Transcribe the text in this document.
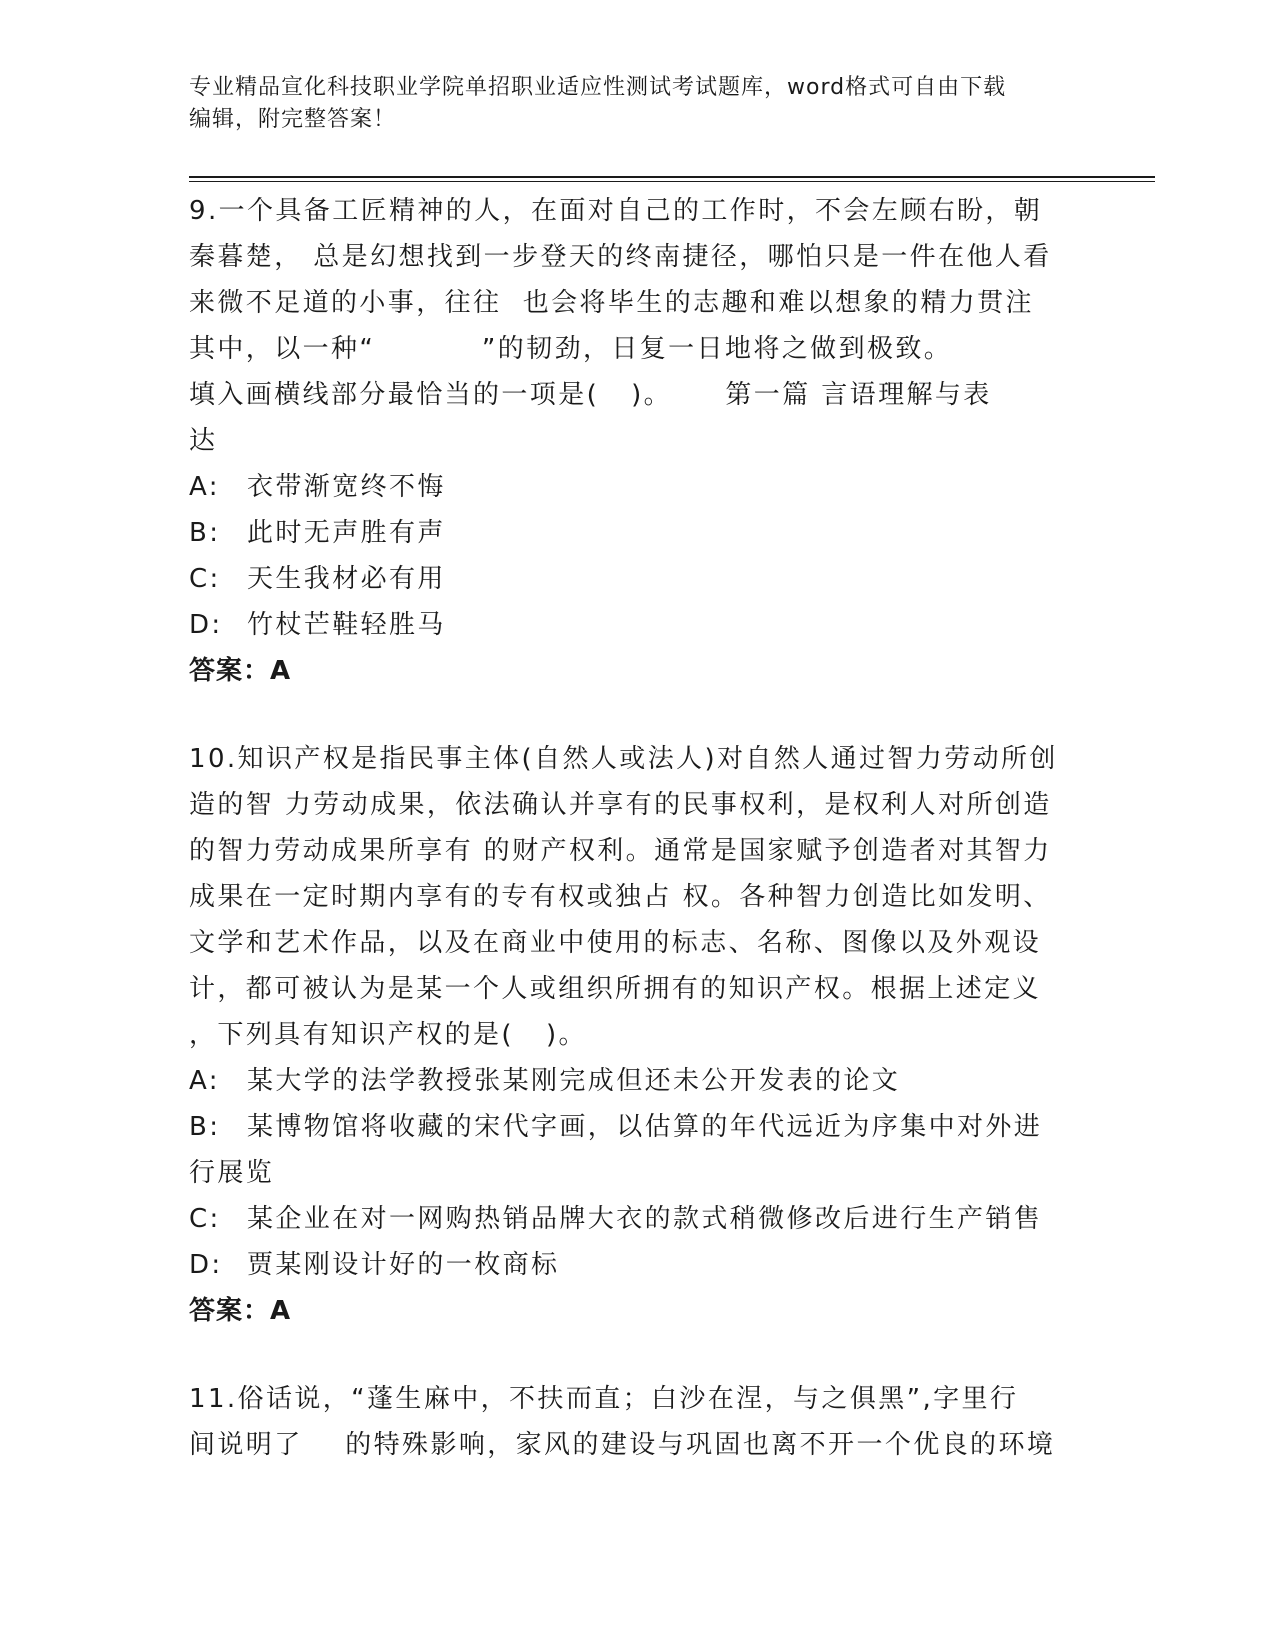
专业精品宣化科技职业学院单招职业适应性测试考试题库，word格式可自由下载
编辑，附完整答案！
9.一个具备工匠精神的人，在面对自己的工作时，不会左顾右盼，朝
秦暮楚， 总是幻想找到一步登天的终南捷径，哪怕只是一件在他人看
来微不足道的小事，往往  也会将毕生的志趣和难以想象的精力贯注
其中，以一种“          ”的韧劲，日复一日地将之做到极致。
填入画横线部分最恰当的一项是(   )。     第一篇 言语理解与表
达
A: 衣带渐宽终不悔
B: 此时无声胜有声
C: 天生我材必有用
D: 竹杖芒鞋轻胜马
答案：A
10.知识产权是指民事主体(自然人或法人)对自然人通过智力劳动所创
造的智 力劳动成果，依法确认并享有的民事权利，是权利人对所创造
的智力劳动成果所享有 的财产权利。通常是国家赋予创造者对其智力
成果在一定时期内享有的专有权或独占 权。各种智力创造比如发明、
文学和艺术作品，以及在商业中使用的标志、名称、图像以及外观设
计，都可被认为是某一个人或组织所拥有的知识产权。根据上述定义
，下列具有知识产权的是(   )。
A: 某大学的法学教授张某刚完成但还未公开发表的论文
B: 某博物馆将收藏的宋代字画，以估算的年代远近为序集中对外进
行展览
C: 某企业在对一网购热销品牌大衣的款式稍微修改后进行生产销售
D: 贾某刚设计好的一枚商标
答案：A
11.俗话说，“蓬生麻中，不扶而直；白沙在涅，与之俱黑”,字里行
间说明了    的特殊影响，家风的建设与巩固也离不开一个优良的环境
